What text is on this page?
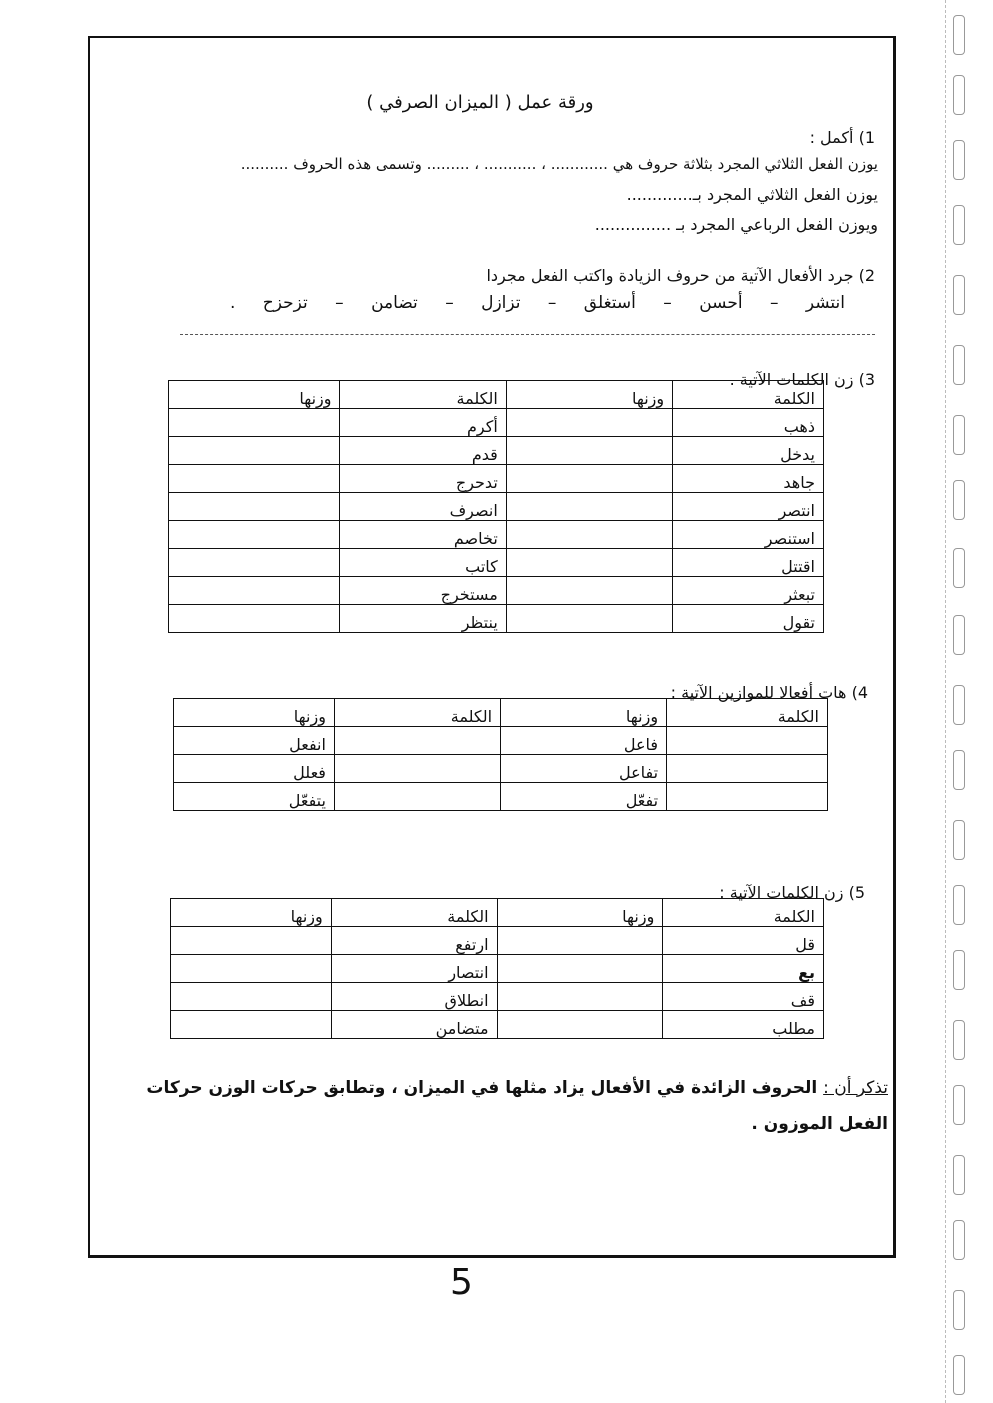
ورقة عمل ( الميزان الصرفي )
1) أكمل :
يوزن الفعل الثلاثي المجرد بثلاثة حروف هي ............ ، ........... ، ......... وتسمى هذه الحروف ..........
يوزن الفعل الثلاثي المجرد بـ.............
ويوزن الفعل الرباعي المجرد بـ ...............
2) جرد الأفعال الآتية من حروف الزيادة واكتب الفعل مجردا
انتشر – أحسن – أستغلق – تزازل – تضامن – تزحزح .
3) زن الكلمات الآتية .
الكلمة	وزنها	الكلمة	وزنها
ذهب		أكرم	
يدخل		قدم	
جاهد		تدحرج	
انتصر		انصرف	
استنصر		تخاصم	
اقتتل		كاتب	
تبعثر		مستخرج	
تقول		ينتظر	
4) هات أفعالا للموازين الآتية :
الكلمة	وزنها	الكلمة	وزنها
	فاعل		انفعل
	تفاعل		فعلل
	تفعّل		يتفعّل
5) زن الكلمات الآتية :
الكلمة	وزنها	الكلمة	وزنها
قل		ارتفع	
بع		انتصار	
قف		انطلاق	
مطلب		متضامن	
تذكر أن : الحروف الزائدة في الأفعال يزاد مثلها في الميزان ، وتطابق حركات الوزن حركات الفعل الموزون .
5
